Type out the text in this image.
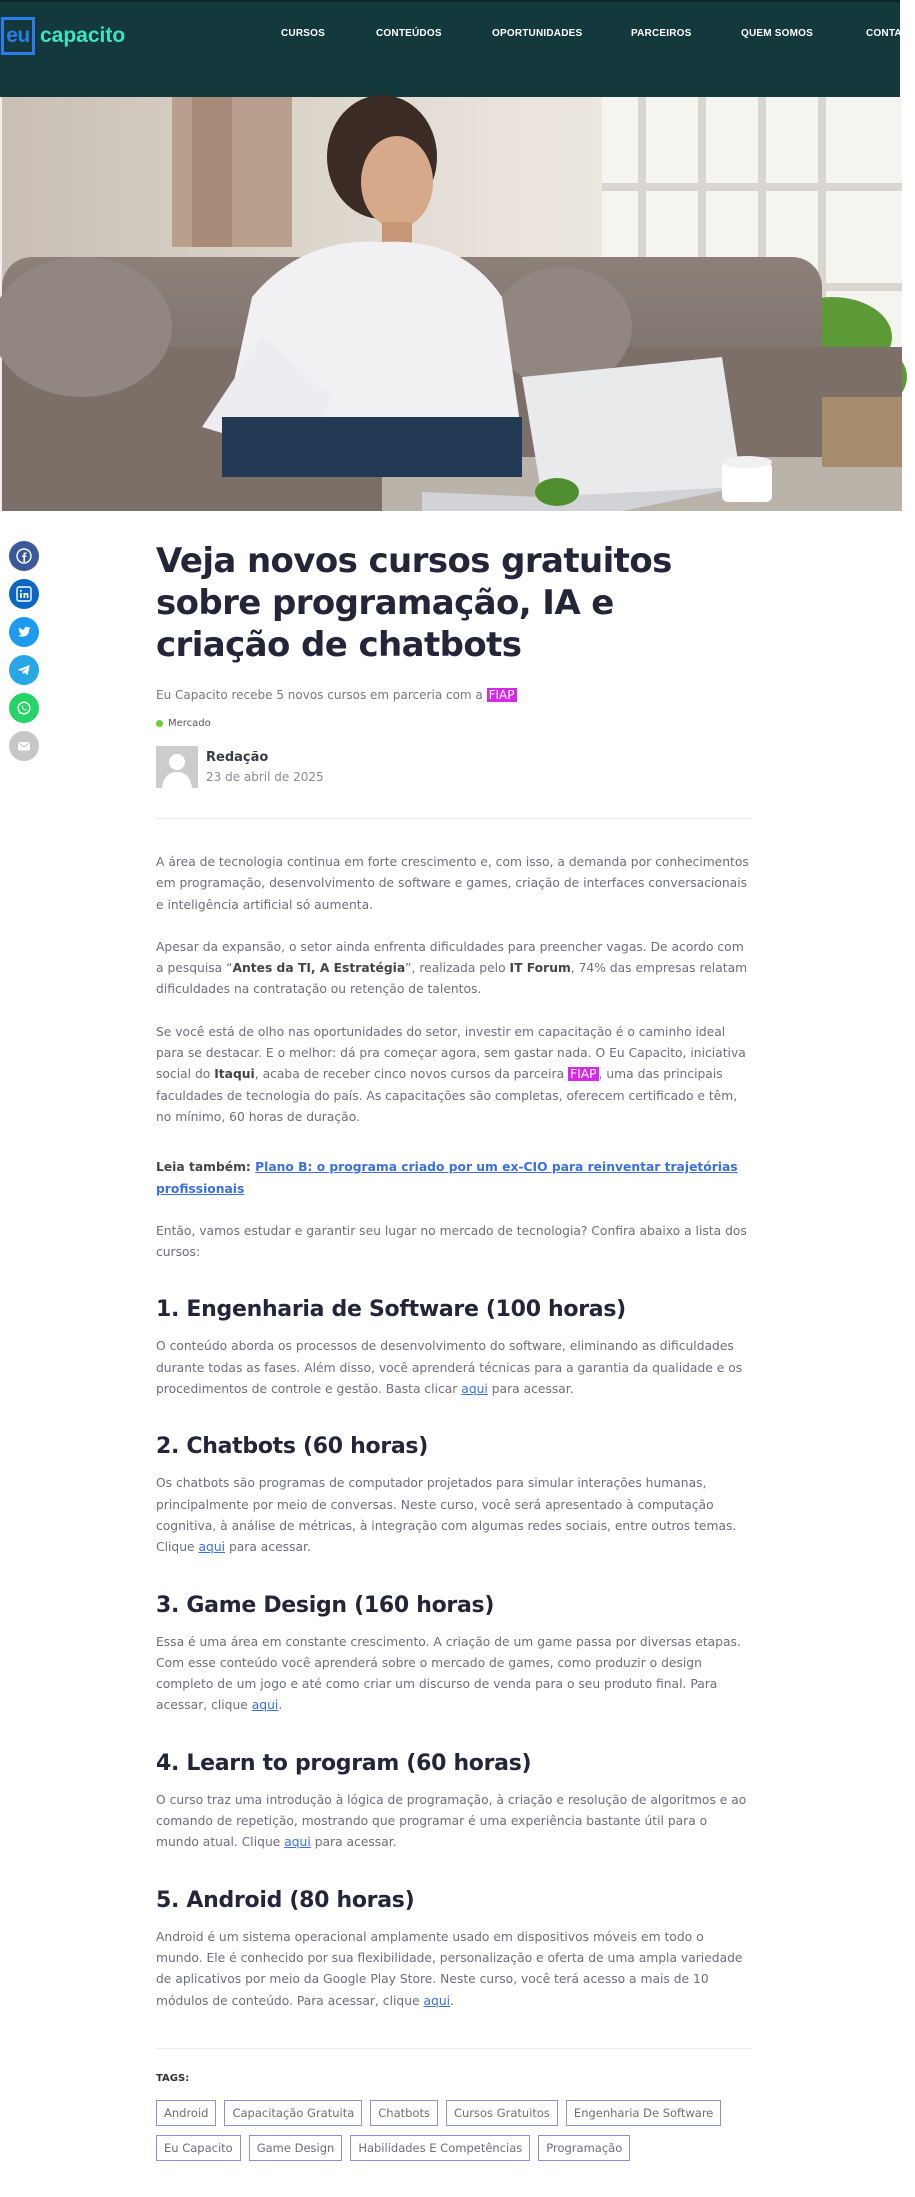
eu capacito	CURSOS	CONTEÚDOS	OPORTUNIDADES	PARCEIROS	QUEM SOMOS	CONTATO
Veja novos cursos gratuitos sobre programação, IA e criação de chatbots

Eu Capacito recebe 5 novos cursos em parceria com a FIAP

Mercado
Redação
23 de abril de 2025

A área de tecnologia continua em forte crescimento e, com isso, a demanda por conhecimentos em programação, desenvolvimento de software e games, criação de interfaces conversacionais e inteligência artificial só aumenta.

Apesar da expansão, o setor ainda enfrenta dificuldades para preencher vagas. De acordo com a pesquisa “Antes da TI, A Estratégia”, realizada pelo IT Forum, 74% das empresas relatam dificuldades na contratação ou retenção de talentos.

Se você está de olho nas oportunidades do setor, investir em capacitação é o caminho ideal para se destacar. E o melhor: dá pra começar agora, sem gastar nada. O Eu Capacito, iniciativa social do Itaqui, acaba de receber cinco novos cursos da parceira FIAP , uma das principais faculdades de tecnologia do país. As capacitações são completas, oferecem certificado e têm, no mínimo, 60 horas de duração.

Leia também: Plano B: o programa criado por um ex-CIO para reinventar trajetórias profissionais

Então, vamos estudar e garantir seu lugar no mercado de tecnologia? Confira abaixo a lista dos cursos:

1. Engenharia de Software (100 horas)

O conteúdo aborda os processos de desenvolvimento do software, eliminando as dificuldades durante todas as fases. Além disso, você aprenderá técnicas para a garantia da qualidade e os procedimentos de controle e gestão. Basta clicar aqui para acessar.

2. Chatbots (60 horas)

Os chatbots são programas de computador projetados para simular interações humanas, principalmente por meio de conversas. Neste curso, você será apresentado à computação cognitiva, à análise de métricas, à integração com algumas redes sociais, entre outros temas. Clique aqui para acessar.

3. Game Design (160 horas)

Essa é uma área em constante crescimento. A criação de um game passa por diversas etapas. Com esse conteúdo você aprenderá sobre o mercado de games, como produzir o design completo de um jogo e até como criar um discurso de venda para o seu produto final. Para acessar, clique aqui.

4. Learn to program (60 horas)

O curso traz uma introdução à lógica de programação, à criação e resolução de algoritmos e ao comando de repetição, mostrando que programar é uma experiência bastante útil para o mundo atual. Clique aqui para acessar.

5. Android (80 horas)

Android é um sistema operacional amplamente usado em dispositivos móveis em todo o mundo. Ele é conhecido por sua flexibilidade, personalização e oferta de uma ampla variedade de aplicativos por meio da Google Play Store. Neste curso, você terá acesso a mais de 10 módulos de conteúdo. Para acessar, clique aqui.

TAGS:
Android	Capacitação Gratuita	Chatbots	Cursos Gratuitos	Engenharia De Software
Eu Capacito	Game Design	Habilidades E Competências	Programação
